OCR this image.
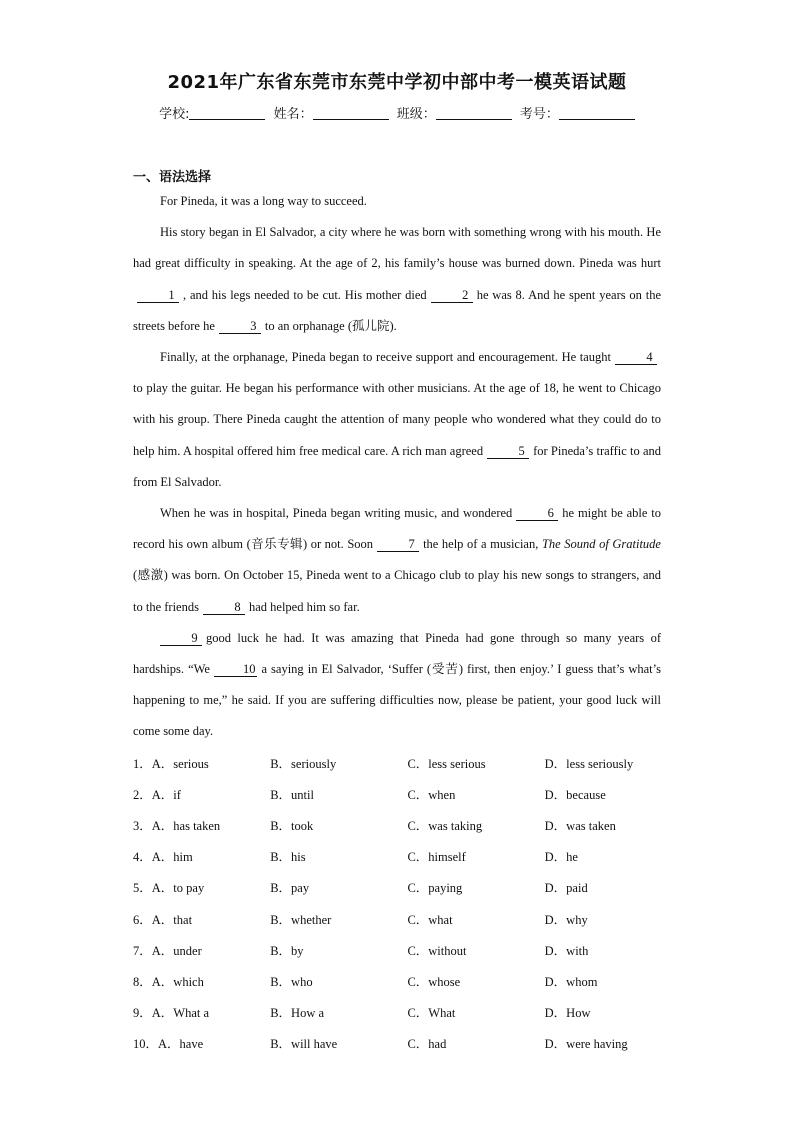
2021年广东省东莞市东莞中学初中部中考一模英语试题
学校:	姓名：	班级：	考号：
一、语法选择

For Pineda, it was a long way to succeed.

His story began in El Salvador, a city where he was born with something wrong with his mouth. He had great difficulty in speaking. At the age of 2, his family’s house was burned down. Pineda was hurt1 , and his legs needed to be cut. His mother died	2 he was 8. And he spent years on the streets before he	3 to an orphanage (孤儿院).

Finally, at the orphanage, Pineda began to receive support and encouragement. He taught	4to play the guitar. He began his performance with other musicians. At the age of 18, he went to Chicago with his group. There Pineda caught the attention of many people who wondered what they could do to help him. A hospital offered him free medical care. A rich man agreed	5 for Pineda’s traffic to and from El Salvador.

When he was in hospital, Pineda began writing music, and wondered	6 he might be able to record his own album (音乐专辑) or not. Soon	7 the help of a musician, The Sound of Gratitude (感激) was born. On October 15, Pineda went to a Chicago club to play his new songs to strangers, and to the friends	8 had helped him so far.

9 good luck he had. It was amazing that Pineda had gone through so many years of hardships. “We	10 a saying in El Salvador, ‘Suffer (受苦) first, then enjoy.’ I guess that’s what’s happening to me,” he said. If you are suffering difficulties now, please be patient, your good luck will come some day.

1．A．serious	B．seriously	C．less serious	D．less seriously
2．A．if	B．until	C．when	D．because
3．A．has taken	B．took	C．was taking	D．was taken
4．A．him	B．his	C．himself	D．he
5．A．to pay	B．pay	C．paying	D．paid
6．A．that	B．whether	C．what	D．why
7．A．under	B．by	C．without	D．with
8．A．which	B．who	C．whose	D．whom
9．A．What a	B．How a	C．What	D．How
10．A．have	B．will have	C．had	D．were having
